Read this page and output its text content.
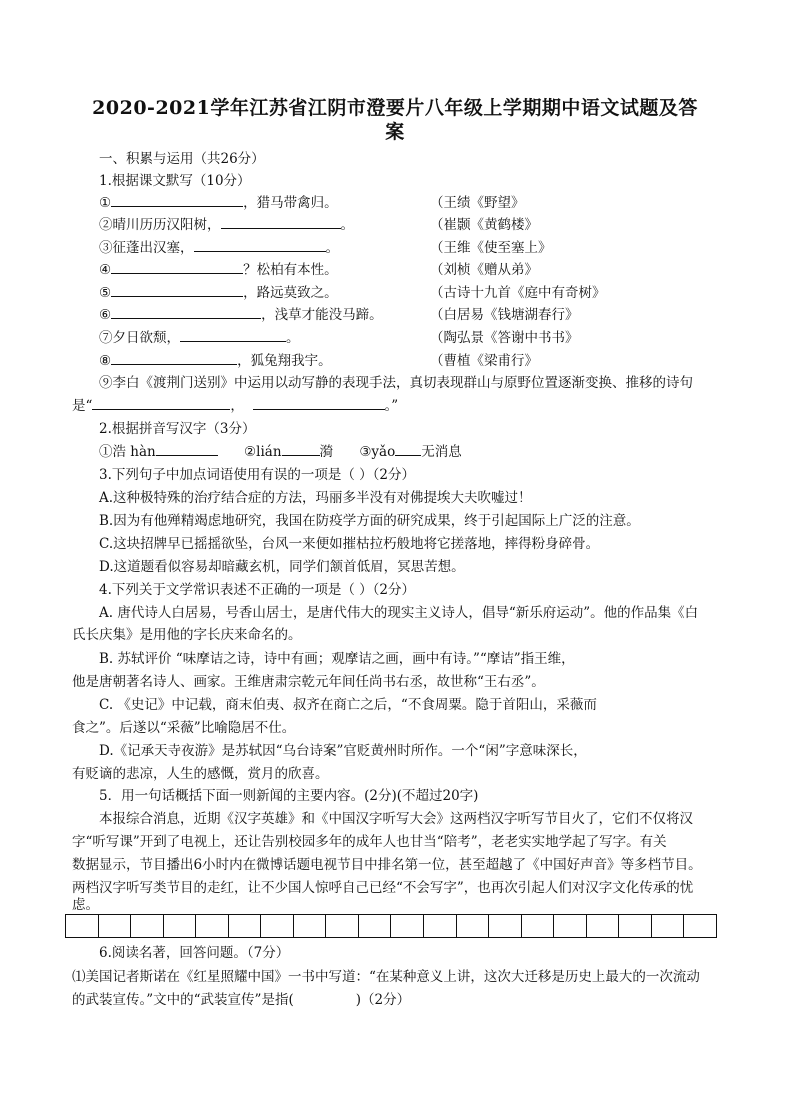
2020-2021学年江苏省江阴市澄要片八年级上学期期中语文试题及答
案
一、积累与运用（共26分）
1.根据课文默写（10分）
①	，猎马带禽归。	（王绩《野望》
②晴川历历汉阳树，	。	（崔颢《黄鹤楼》
③征蓬出汉塞，	。	（王维《使至塞上》
④	？松柏有本性。	（刘桢《赠从弟》
⑤	，路远莫致之。	（古诗十九首《庭中有奇树》
⑥	，浅草才能没马蹄。	（白居易《钱塘湖春行》
⑦夕日欲颓，	。	（陶弘景《答谢中书书》
⑧	，狐兔翔我宇。	（曹植《梁甫行》
⑨李白《渡荆门送别》中运用以动写静的表现手法，真切表现群山与原野位置逐渐变换、推移的诗句
是“	，	。”
2.根据拼音写汉字（3分）
①浩 hàn	②lián	漪 ③yǎo 无消息
3.下列句子中加点词语使用有误的一项是（ ）（2分）
A.这种极特殊的治疗结合症的方法，玛丽多半没有对佛提埃大夫吹嘘过！
B.因为有他殚精竭虑地研究，我国在防疫学方面的研究成果，终于引起国际上广泛的注意。
C.这块招牌早已摇摇欲坠，台风一来便如摧枯拉朽般地将它搓落地，摔得粉身碎骨。
D.这道题看似容易却暗藏玄机，同学们颔首低眉，冥思苦想。
4.下列关于文学常识表述不正确的一项是（ ）（2分）
A. 唐代诗人白居易，号香山居士，是唐代伟大的现实主义诗人，倡导“新乐府运动”。他的作品集《白
氏长庆集》是用他的字长庆来命名的。
B. 苏轼评价 “味摩诘之诗，诗中有画；观摩诘之画，画中有诗。”“摩诘”指王维，
他是唐朝著名诗人、画家。王维唐肃宗乾元年间任尚书右丞，故世称“王右丞”。
C. 《史记》中记载，商末伯夷、叔齐在商亡之后，“不食周粟。隐于首阳山，采薇而
食之”。后遂以“采薇”比喻隐居不仕。
D.《记承天寺夜游》是苏轼因“乌台诗案”官贬黄州时所作。一个“闲”字意味深长，
有贬谪的悲凉，人生的感慨，赏月的欣喜。
5．用一句话概括下面一则新闻的主要内容。(2分)(不超过20字)
本报综合消息，近期《汉字英雄》和《中国汉字听写大会》这两档汉字听写节目火了，它们不仅将汉
字“听写课”开到了电视上，还让告别校园多年的成年人也甘当“陪考”，老老实实地学起了写字。有关
数据显示，节目播出6小时内在微博话题电视节目中排名第一位，甚至超越了《中国好声音》等多档节目。
两档汉字听写类节目的走红，让不少国人惊呼自己已经“不会写字”，也再次引起人们对汉字文化传承的忧
虑。
6.阅读名著，回答问题。（7分）
⑴美国记者斯诺在《红星照耀中国》一书中写道：“在某种意义上讲，这次大迁移是历史上最大的一次流动
的武装宣传。”文中的“武装宣传”是指(	)（2分）
